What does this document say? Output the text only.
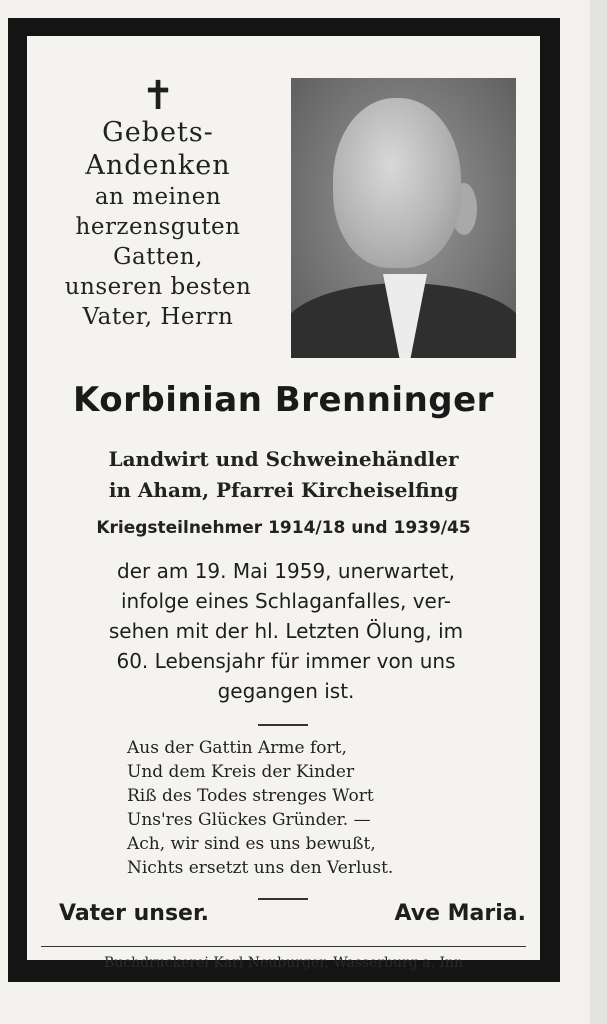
✝
Gebets-
Andenken
an meinen
herzensguten
Gatten,
unseren besten
Vater, Herrn
Korbinian Brenninger
Landwirt und Schweinehändler
in Aham, Pfarrei Kircheiselfing
Kriegsteilnehmer 1914/18 und 1939/45
der am 19. Mai 1959, unerwartet,
infolge eines Schlaganfalles, ver-
sehen mit der hl. Letzten Ölung, im
60. Lebensjahr für immer von uns
gegangen ist.
Aus der Gattin Arme fort,
Und dem Kreis der Kinder
Riß des Todes strenges Wort
Uns'res Glückes Gründer. —
Ach, wir sind es uns bewußt,
Nichts ersetzt uns den Verlust.
Vater unser.	Ave Maria.
Buchdruckerei Karl Neuburger, Wasserburg a. Inn
